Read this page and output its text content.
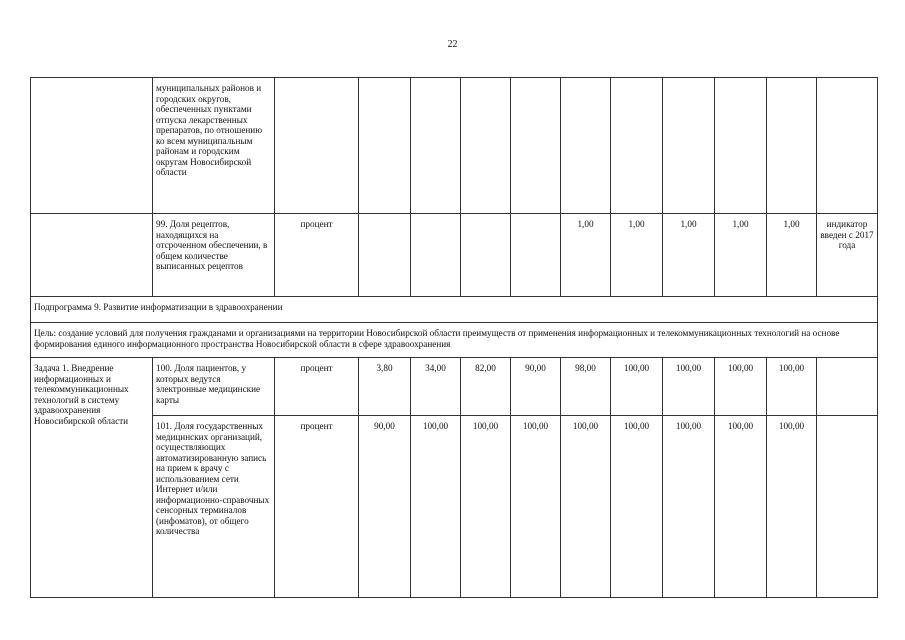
22
	муниципальных районов и городских округов, обеспеченных пунктами отпуска лекарственных препаратов, по отношению ко всем муниципальным районам и городским округам Новосибирской области											
	99. Доля рецептов, находящихся на отсроченном обеспечении, в общем количестве выписанных рецептов	процент					1,00	1,00	1,00	1,00	1,00	индикатор введен с 2017 года
Подпрограмма 9. Развитие информатизации в здравоохранении												
Цель: создание условий для получения гражданами и организациями на территории Новосибирской области преимуществ от применения информационных и телекоммуникационных технологий на основе формирования единого информационного пространства Новосибирской области в сфере здравоохранения												
Задача 1. Внедрение информационных и телекоммуникационных технологий в систему здравоохранения Новосибирской области	100. Доля пациентов, у которых ведутся электронные медицинские карты	процент	3,80	34,00	82,00	90,00	98,00	100,00	100,00	100,00	100,00	
	101. Доля государственных медицинских организаций, осуществляющих автоматизированную запись на прием к врачу с использованием сети Интернет и/или информационно-справочных сенсорных терминалов (инфоматов), от общего количества	процент	90,00	100,00	100,00	100,00	100,00	100,00	100,00	100,00	100,00	
